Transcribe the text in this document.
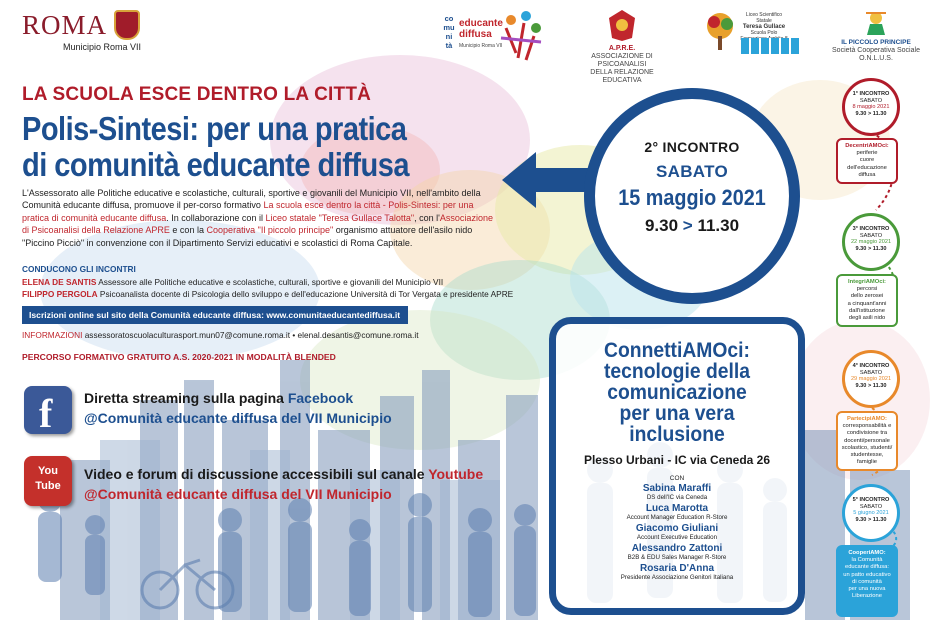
ROMA
Municipio Roma VII
co
mu
ni
tà
educante
diffusa
Municipio Roma VII	A.P.R.E.
ASSOCIAZIONE DI PSICOANALISI
DELLA RELAZIONE EDUCATIVA
Liceo Scientifico Statale
Teresa Gullace
Scuola Polo
IL PICCOLO PRINCIPE
Società Cooperativa Sociale
O.N.L.U.S.
LA SCUOLA ESCE DENTRO LA CITTÀ
Polis-Sintesi: per una pratica
di comunità educante diffusa
L'Assessorato alle Politiche educative e scolastiche, culturali, sportive e giovanili del Municipio VII, nell'ambito della Comunità educante diffusa, promuove il per-corso formativo La scuola esce dentro la città - Polis-Sintesi: per una pratica di comunità educante diffusa. In collaborazione con il Liceo statale "Teresa Gullace Talotta", con l'Associazione di Psicoanalisi della Relazione APRE e con la Cooperativa "Il piccolo principe" organismo attuatore dell'asilo nido "Piccino Picciò" in convenzione con il Dipartimento Servizi educativi e scolastici di Roma Capitale.
CONDUCONO GLI INCONTRI
ELENA DE SANTIS Assessore alle Politiche educative e scolastiche, culturali, sportive e giovanili del Municipio VII
FILIPPO PERGOLA Psicoanalista docente di Psicologia dello sviluppo e dell'educazione Università di Tor Vergata e presidente APRE
Iscrizioni online sul sito della Comunità educante diffusa: www.comunitaeducantediffusa.it
INFORMAZIONI assessoratoscuolaculturasport.mun07@comune.roma.it • elenal.desantis@comune.roma.it
PERCORSO FORMATIVO GRATUITO A.S. 2020-2021 IN MODALITÀ BLENDED
f Diretta streaming sulla pagina Facebook
@Comunità educante diffusa del VII Municipio
You
Tube
Video e forum di discussione accessibili sul canale Youtube
@Comunità educante diffusa del VII Municipio
2° INCONTRO
SABATO
15 maggio 2021
9.30 > 11.30
ConnettiAMOci:
tecnologie della
comunicazione
per una vera
inclusione
Plesso Urbani - IC via Ceneda 26
CON
Sabina Maraffi
DS dell'IC via Ceneda
Luca Marotta
Account Manager Education R-Store
Giacomo Giuliani
Account Executive Education
Alessandro Zattoni
B2B & EDU Sales Manager R-Store
Rosaria D'Anna
Presidente Associazione Genitori Italiana
1° INCONTRO
SABATO
8 maggio 2021
9.30 > 11.30
DecentriAMOci:
periferie
cuore
dell'educazione
diffusa
3° INCONTRO
SABATO
22 maggio 2021
9.30 > 11.30
IntegriAMOci:
percorsi
dello zerosei
a cinquant'anni
dall'istituzione
degli asili nido
4° INCONTRO
SABATO
29 maggio 2021
9.30 > 11.30
PartecipiAMO:
corresponsabilità e
condivisione tra
docenti/personale
scolastico, studenti/
studentesse,
famiglie
5° INCONTRO
SABATO
5 giugno 2021
9.30 > 11.30
CooperiAMO:
la Comunità
educante diffusa:
un patto educativo
di comunità
per una nuova
Liberazione
